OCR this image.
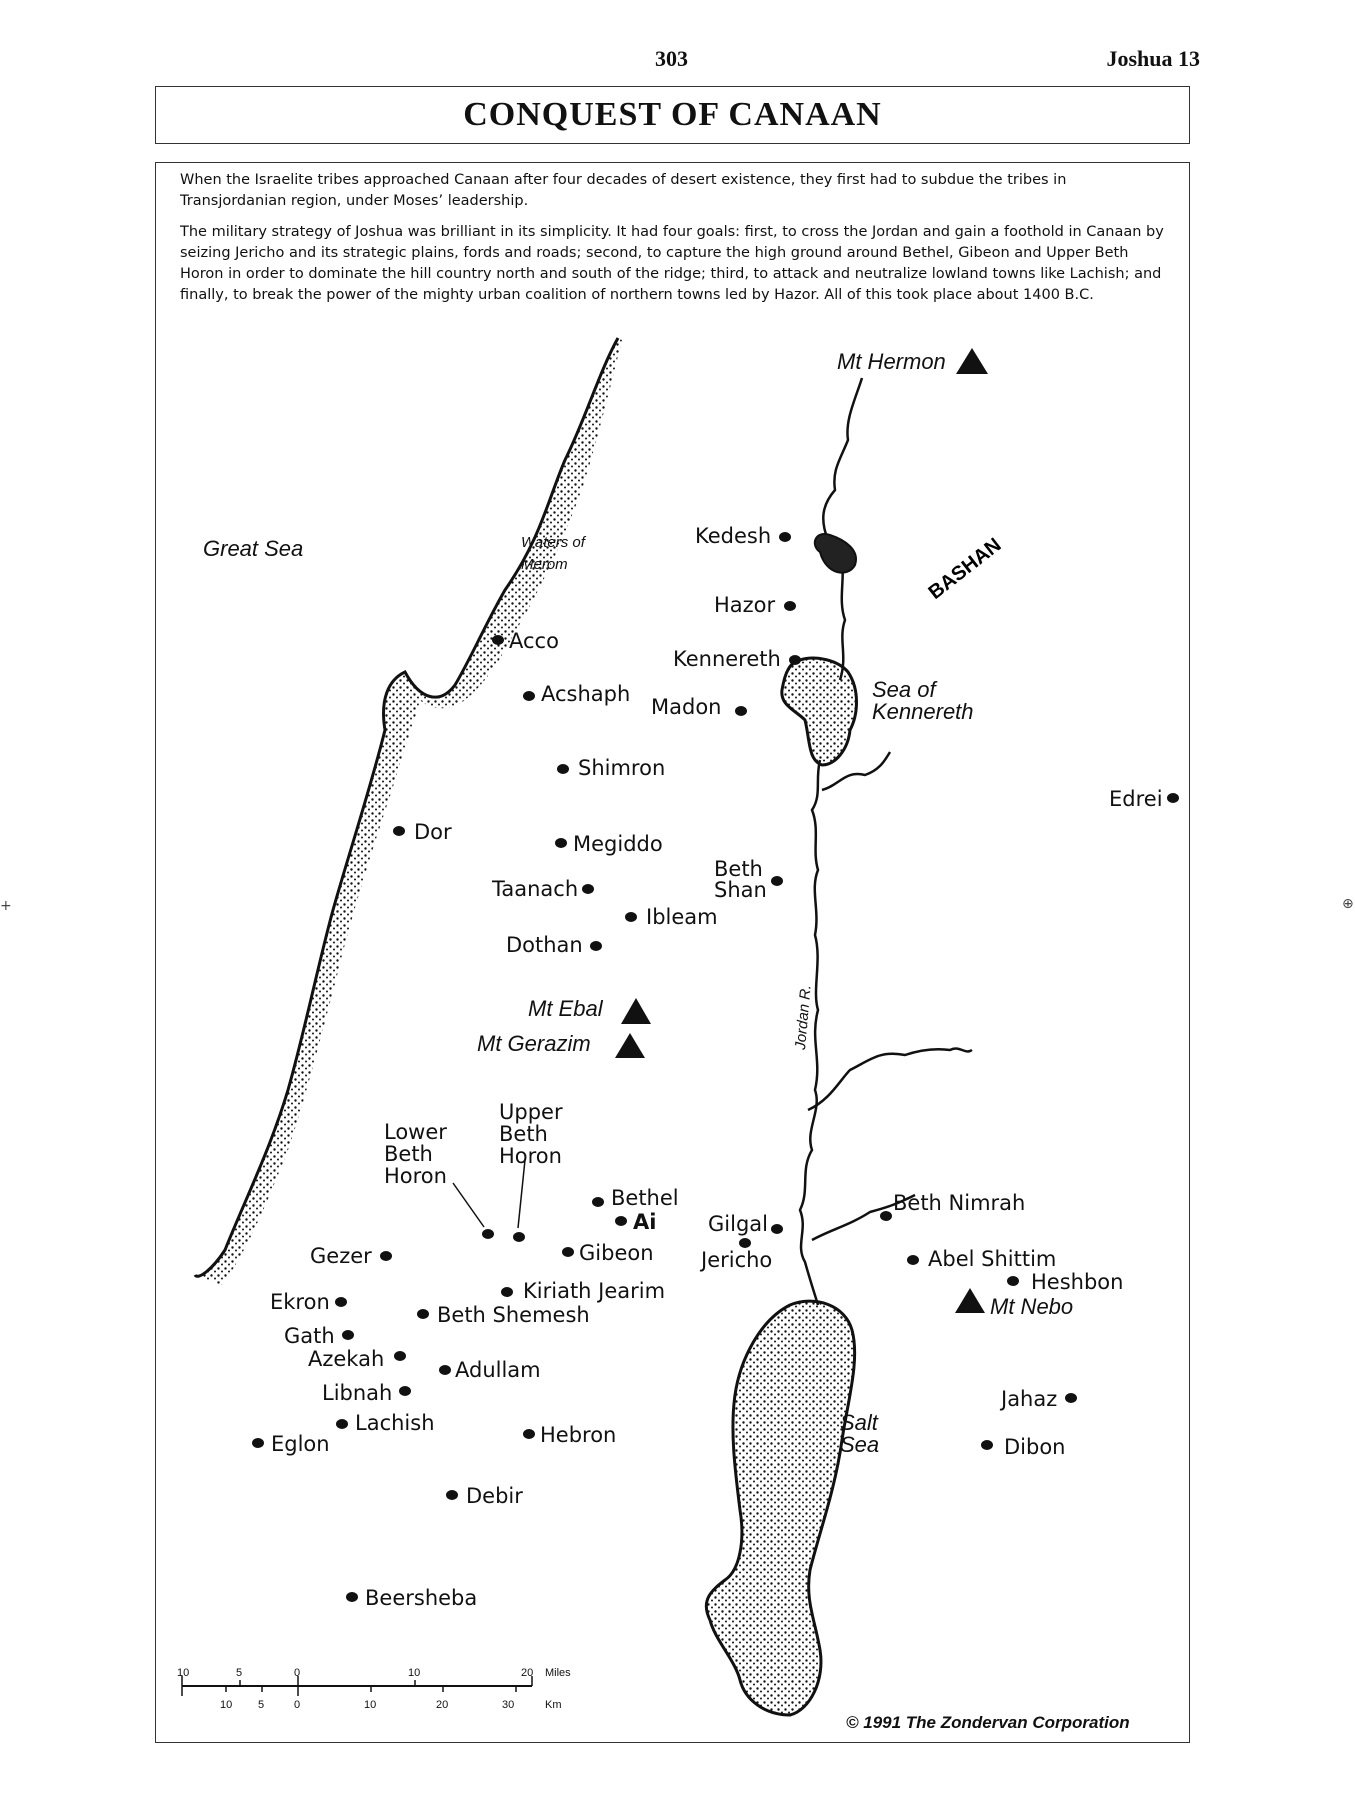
303	Joshua 13
CONQUEST OF CANAAN

When the Israelite tribes approached Canaan after four decades of desert existence, they first had to subdue the tribes in Transjordanian region, under Moses’ leadership.

The military strategy of Joshua was brilliant in its simplicity. It had four goals: first, to cross the Jordan and gain a foothold in Canaan by seizing Jericho and its strategic plains, fords and roads; second, to capture the high ground around Bethel, Gibeon and Upper Beth Horon in order to dominate the hill country north and south of the ridge; third, to attack and neutralize lowland towns like Lachish; and finally, to break the power of the mighty urban coalition of northern towns led by Hazor. All of this took place about 1400 B.C.

+	⊕
Great Sea	BASHAN
Waters of
Merom
Sea of
Kennereth
Salt
Sea
Jordan R.
Mt Hermon
Mt Ebal
Mt Gerazim
Mt Nebo
Kedesh
Hazor
Kennereth
Madon
Acco
Acshaph
Shimron
Dor	Megiddo
Taanach
Beth
Shan
Ibleam
Dothan
Edrei
Lower
Beth
Horon
Upper
Beth
Horon
Bethel
Ai Gilgal
Jericho
Beth Nimrah
Gezer	Gibeon	Abel Shittim
Ekron	Kiriath Jearim	Heshbon
Beth Shemesh
Gath
Azekah	Adullam
Libnah	Jahaz
Lachish	Hebron
Eglon	Dibon
Debir
Beersheba
10	5	0	10	20 Miles
10 5	0	10	20	30	Km
© 1991 The Zondervan Corporation
